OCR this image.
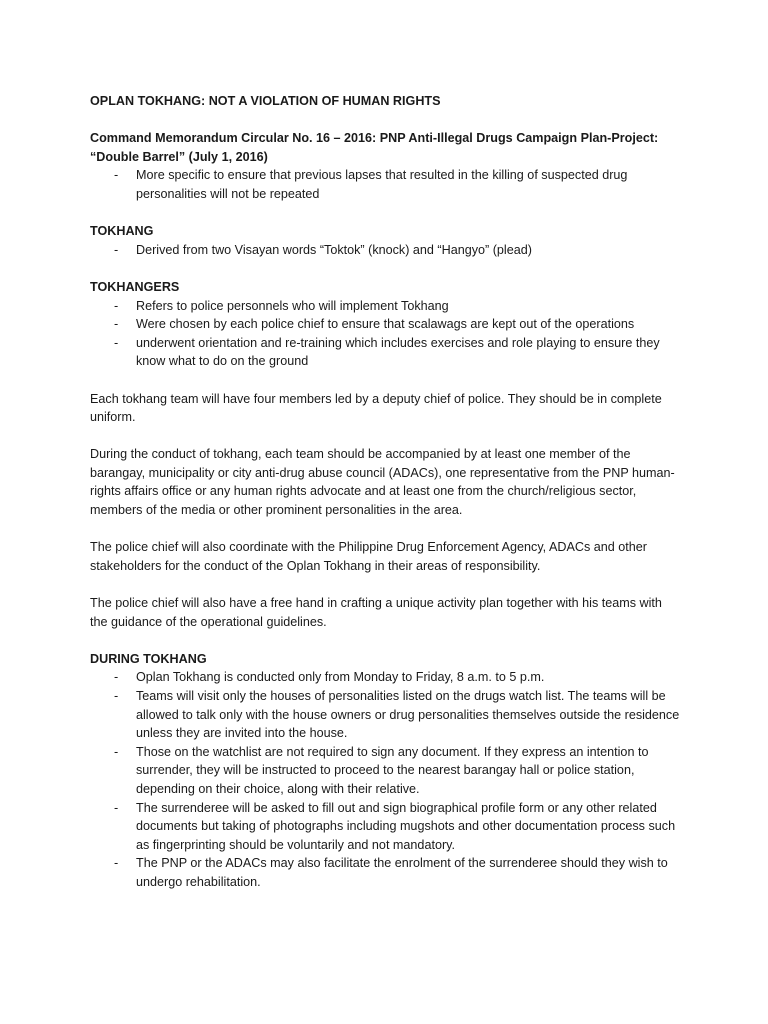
OPLAN TOKHANG: NOT A VIOLATION OF HUMAN RIGHTS

Command Memorandum Circular No. 16 – 2016: PNP Anti-Illegal Drugs Campaign Plan-Project: “Double Barrel” (July 1, 2016)

- More specific to ensure that previous lapses that resulted in the killing of suspected drug personalities will not be repeated

TOKHANG

- Derived from two Visayan words “Toktok” (knock) and “Hangyo” (plead)

TOKHANGERS

- Refers to police personnels who will implement Tokhang
- Were chosen by each police chief to ensure that scalawags are kept out of the operations
- underwent orientation and re-training which includes exercises and role playing to ensure they know what to do on the ground

Each tokhang team will have four members led by a deputy chief of police. They should be in complete uniform.

During the conduct of tokhang, each team should be accompanied by at least one member of the barangay, municipality or city anti-drug abuse council (ADACs), one representative from the PNP human-rights affairs office or any human rights advocate and at least one from the church/religious sector, members of the media or other prominent personalities in the area.

The police chief will also coordinate with the Philippine Drug Enforcement Agency, ADACs and other stakeholders for the conduct of the Oplan Tokhang in their areas of responsibility.

The police chief will also have a free hand in crafting a unique activity plan together with his teams with the guidance of the operational guidelines.

DURING TOKHANG

- Oplan Tokhang is conducted only from Monday to Friday, 8 a.m. to 5 p.m.
- Teams will visit only the houses of personalities listed on the drugs watch list. The teams will be allowed to talk only with the house owners or drug personalities themselves outside the residence unless they are invited into the house.
- Those on the watchlist are not required to sign any document. If they express an intention to surrender, they will be instructed to proceed to the nearest barangay hall or police station, depending on their choice, along with their relative.
- The surrenderee will be asked to fill out and sign biographical profile form or any other related documents but taking of photographs including mugshots and other documentation process such as fingerprinting should be voluntarily and not mandatory.
- The PNP or the ADACs may also facilitate the enrolment of the surrenderee should they wish to undergo rehabilitation.
